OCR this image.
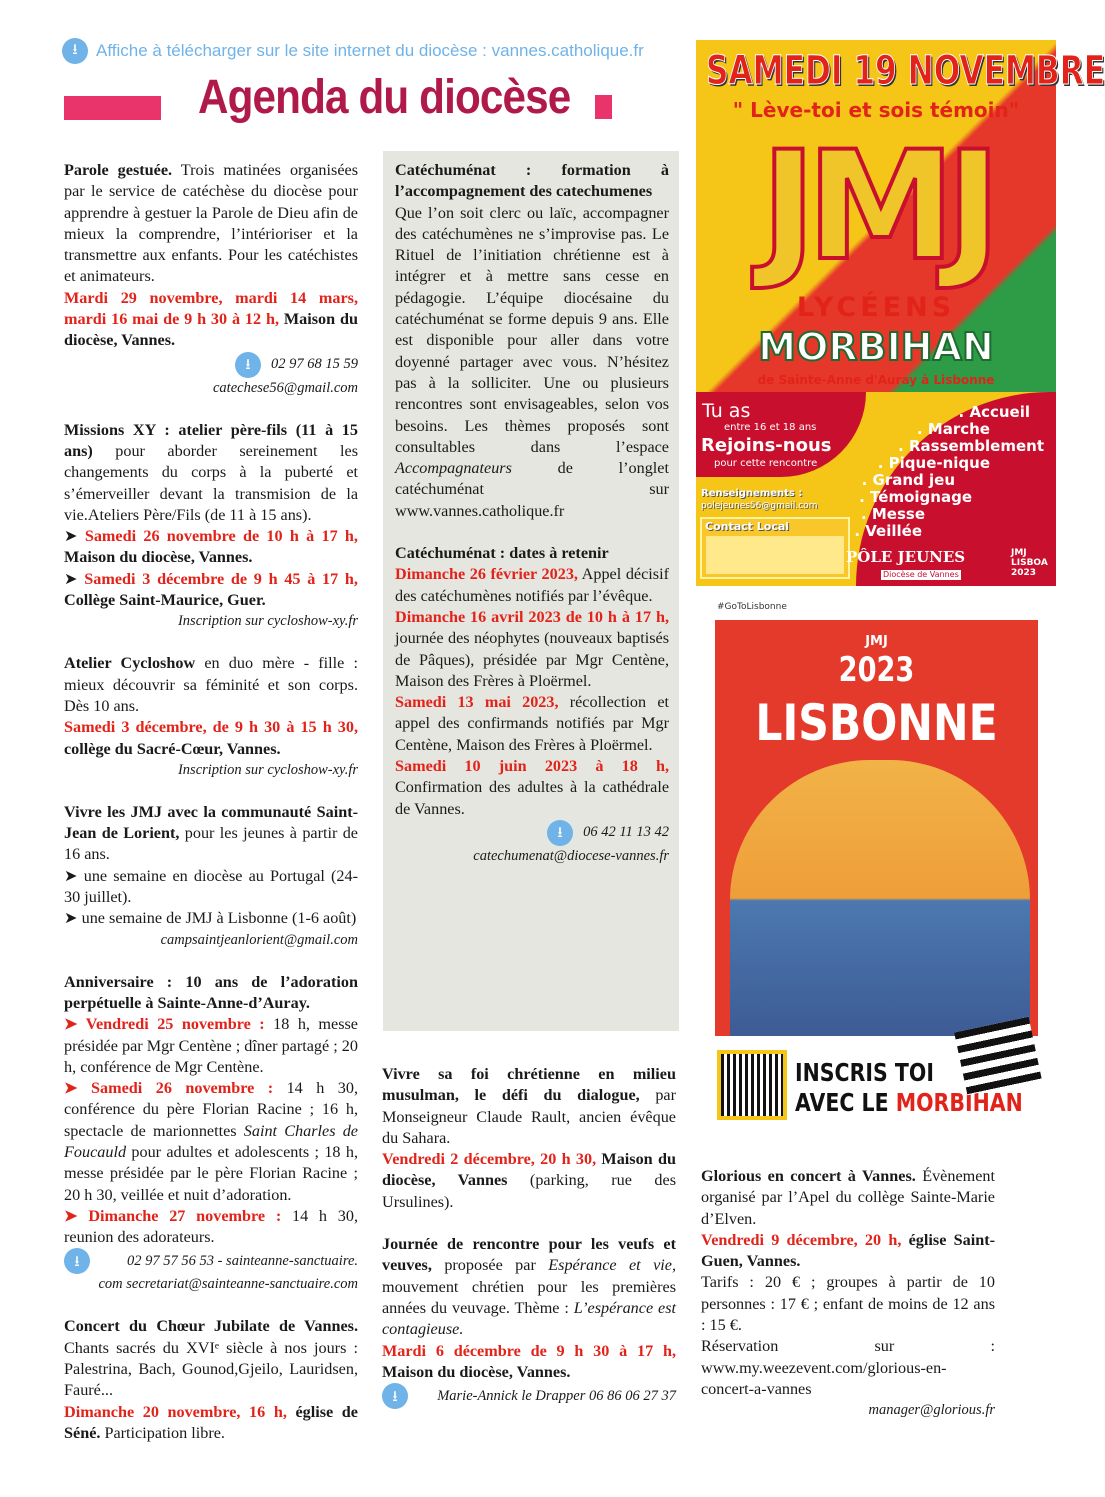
⭳	Affiche à télécharger sur le site internet du diocèse : vannes.catholique.fr
Agenda du diocèse

Parole gestuée. Trois matinées organisées par le service de catéchèse du diocèse pour apprendre à gestuer la Parole de Dieu afin de mieux la comprendre, l’intérioriser et la transmettre aux enfants. Pour les catéchistes et animateurs.

Mardi 29 novembre, mardi 14 mars, mardi 16 mai de 9 h 30 à 12 h, Maison du diocèse, Vannes.

⭳	02 97 68 15 59
catechese56@gmail.com

Missions XY : atelier père-fils (11 à 15 ans) pour aborder sereinement les changements du corps à la puberté et s’émerveiller devant la transmision de la vie.Ateliers Père/Fils (de 11 à 15 ans).

➤ Samedi 26 novembre de 10 h à 17 h, Maison du diocèse, Vannes.

➤ Samedi 3 décembre de 9 h 45 à 17 h, Collège Saint-Maurice, Guer.

Inscription sur cycloshow-xy.fr

Atelier Cycloshow en duo mère - fille : mieux découvrir sa féminité et son corps. Dès 10 ans.

Samedi 3 décembre, de 9 h 30 à 15 h 30, collège du Sacré-Cœur, Vannes.

Inscription sur cycloshow-xy.fr

Vivre les JMJ avec la communauté Saint-Jean de Lorient, pour les jeunes à partir de 16 ans.

➤ une semaine en diocèse au Portugal (24- 30 juillet).

➤ une semaine de JMJ à Lisbonne (1-6 août)

campsaintjeanlorient@gmail.com

Anniversaire : 10 ans de l’adoration perpétuelle à Sainte-Anne-d’Auray.

➤ Vendredi 25 novembre : 18 h, messe présidée par Mgr Centène ; dîner partagé ; 20 h, conférence de Mgr Centène.

➤ Samedi 26 novembre : 14 h 30, conférence du père Florian Racine ; 16 h, spectacle de marionnettes Saint Charles de Foucauld pour adultes et adolescents ; 18 h, messe présidée par le père Florian Racine ; 20 h 30, veillée et nuit d’adoration.

➤ Dimanche 27 novembre : 14 h 30, reunion des adorateurs.

⭳	02 97 57 56 53 - sainteanne-sanctuaire.
com secretariat@sainteanne-sanctuaire.com

Concert du Chœur Jubilate de Vannes. Chants sacrés du XVIᵉ siècle à nos jours : Palestrina, Bach, Gounod,Gjeilo, Lauridsen, Fauré...

Dimanche 20 novembre, 16 h, église de Séné. Participation libre.

Catéchuménat : formation à l’accompagnement des catechumenes

Que l’on soit clerc ou laïc, accompagner des catéchumènes ne s’improvise pas. Le Rituel de l’initiation chrétienne est à intégrer et à mettre sans cesse en pédagogie. L’équipe diocésaine du catéchuménat se forme depuis 9 ans. Elle est disponible pour aller dans votre doyenné partager avec vous. N’hésitez pas à la solliciter. Une ou plusieurs rencontres sont envisageables, selon vos besoins. Les thèmes proposés sont consultables dans l’espace Accompagnateurs de l’onglet catéchuménat sur www.vannes.catholique.fr

Catéchuménat : dates à retenir

Dimanche 26 février 2023, Appel décisif des catéchumènes notifiés par l’évêque.

Dimanche 16 avril 2023 de 10 h à 17 h, journée des néophytes (nouveaux baptisés de Pâques), présidée par Mgr Centène, Maison des Frères à Ploërmel.

Samedi 13 mai 2023, récollection et appel des confirmands notifiés par Mgr Centène, Maison des Frères à Ploërmel.

Samedi 10 juin 2023 à 18 h, Confirmation des adultes à la cathédrale de Vannes.

⭳	06 42 11 13 42
catechumenat@diocese-vannes.fr

Vivre sa foi chrétienne en milieu musulman, le défi du dialogue, par Monseigneur Claude Rault, ancien évêque du Sahara.

Vendredi 2 décembre, 20 h 30, Maison du diocèse, Vannes (parking, rue des Ursulines).

Journée de rencontre pour les veufs et veuves, proposée par Espérance et vie, mouvement chrétien pour les premières années du veuvage. Thème : L’espérance est contagieuse.

Mardi 6 décembre de 9 h 30 à 17 h, Maison du diocèse, Vannes.

⭳	Marie-Annick le Drapper 06 86 06 27 37

Glorious en concert à Vannes. Évènement organisé par l’Apel du collège Sainte-Marie d’Elven.

Vendredi 9 décembre, 20 h, église Saint-Guen, Vannes.

Tarifs : 20 € ; groupes à partir de 10 personnes : 17 € ; enfant de moins de 12 ans : 15 €.

Réservation sur : www.my.weezevent.com/glorious-en-concert-a-vannes

manager@glorious.fr
SAMEDI 19 NOVEMBRE
" Lève-toi et sois témoin"
JMJ
LYCÉENS
MORBIHAN
de Sainte-Anne d'Auray à Lisbonne
Tu as
entre 16 et 18 ans
Rejoins-nous
pour cette rencontre
Renseignements :
polejeunes56@gmail.com
Contact Local
. Accueil
. Marche
. Rassemblement
. Pique-nique
. Grand jeu
. Témoignage
. Messe
. Veillée
PÔLE JEUNES
Diocèse de Vannes
JMJ LISBOA 2023
#GoToLisbonne
JMJ
2023
LISBONNE
INSCRIS TOI
AVEC LE MORBIHAN
